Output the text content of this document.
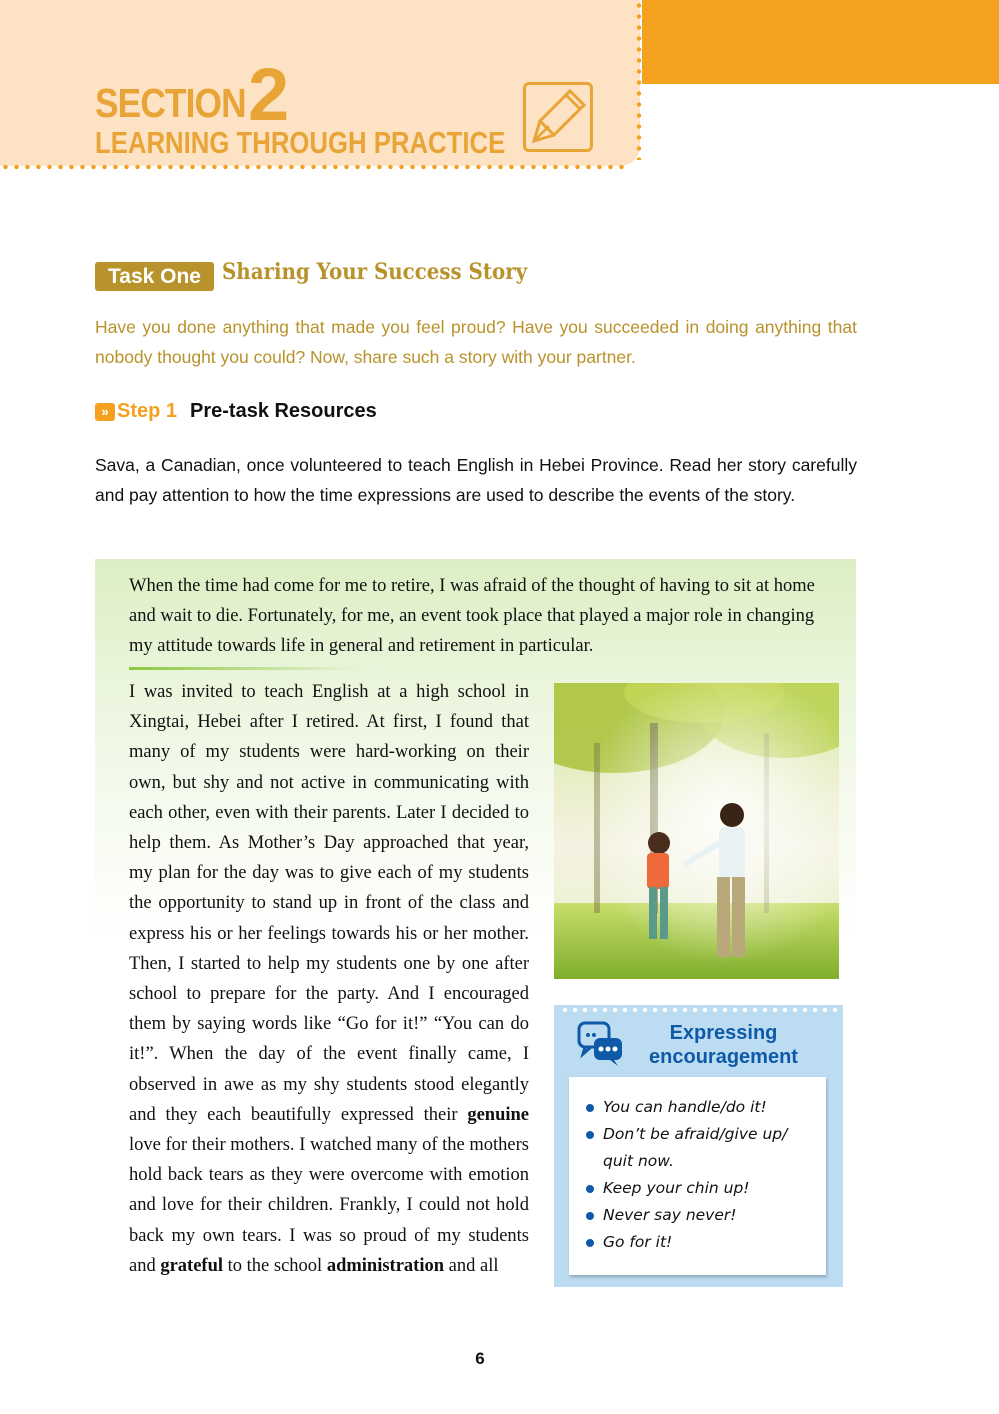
SECTION 2
LEARNING THROUGH PRACTICE
Task One Sharing Your Success Story
Have you done anything that made you feel proud? Have you succeeded in doing anything that nobody thought you could? Now, share such a story with your partner.
» Step 1 Pre-task Resources
Sava, a Canadian, once volunteered to teach English in Hebei Province. Read her story carefully and pay attention to how the time expressions are used to describe the events of the story.
When the time had come for me to retire, I was afraid of the thought of having to sit at home and wait to die. Fortunately, for me, an event took place that played a major role in changing my attitude towards life in general and retirement in particular.
I was invited to teach English at a high school in Xingtai, Hebei after I retired. At first, I found that many of my students were hard-working on their own, but shy and not active in communicating with each other, even with their parents. Later I decided to help them. As Mother’s Day approached that year, my plan for the day was to give each of my students the opportunity to stand up in front of the class and express his or her feelings towards his or her mother. Then, I started to help my students one by one after school to prepare for the party. And I encouraged them by saying words like “Go for it!” “You can do it!”. When the day of the event finally came, I observed in awe as my shy students stood elegantly and they each beautifully expressed their genuine love for their mothers. I watched many of the mothers hold back tears as they were overcome with emotion and love for their children. Frankly, I could not hold back my own tears. I was so proud of my students and grateful to the school administration and all
Expressing encouragement
You can handle/do it!
Don’t be afraid/give up/ quit now.
Keep your chin up!
Never say never!
Go for it!
6
